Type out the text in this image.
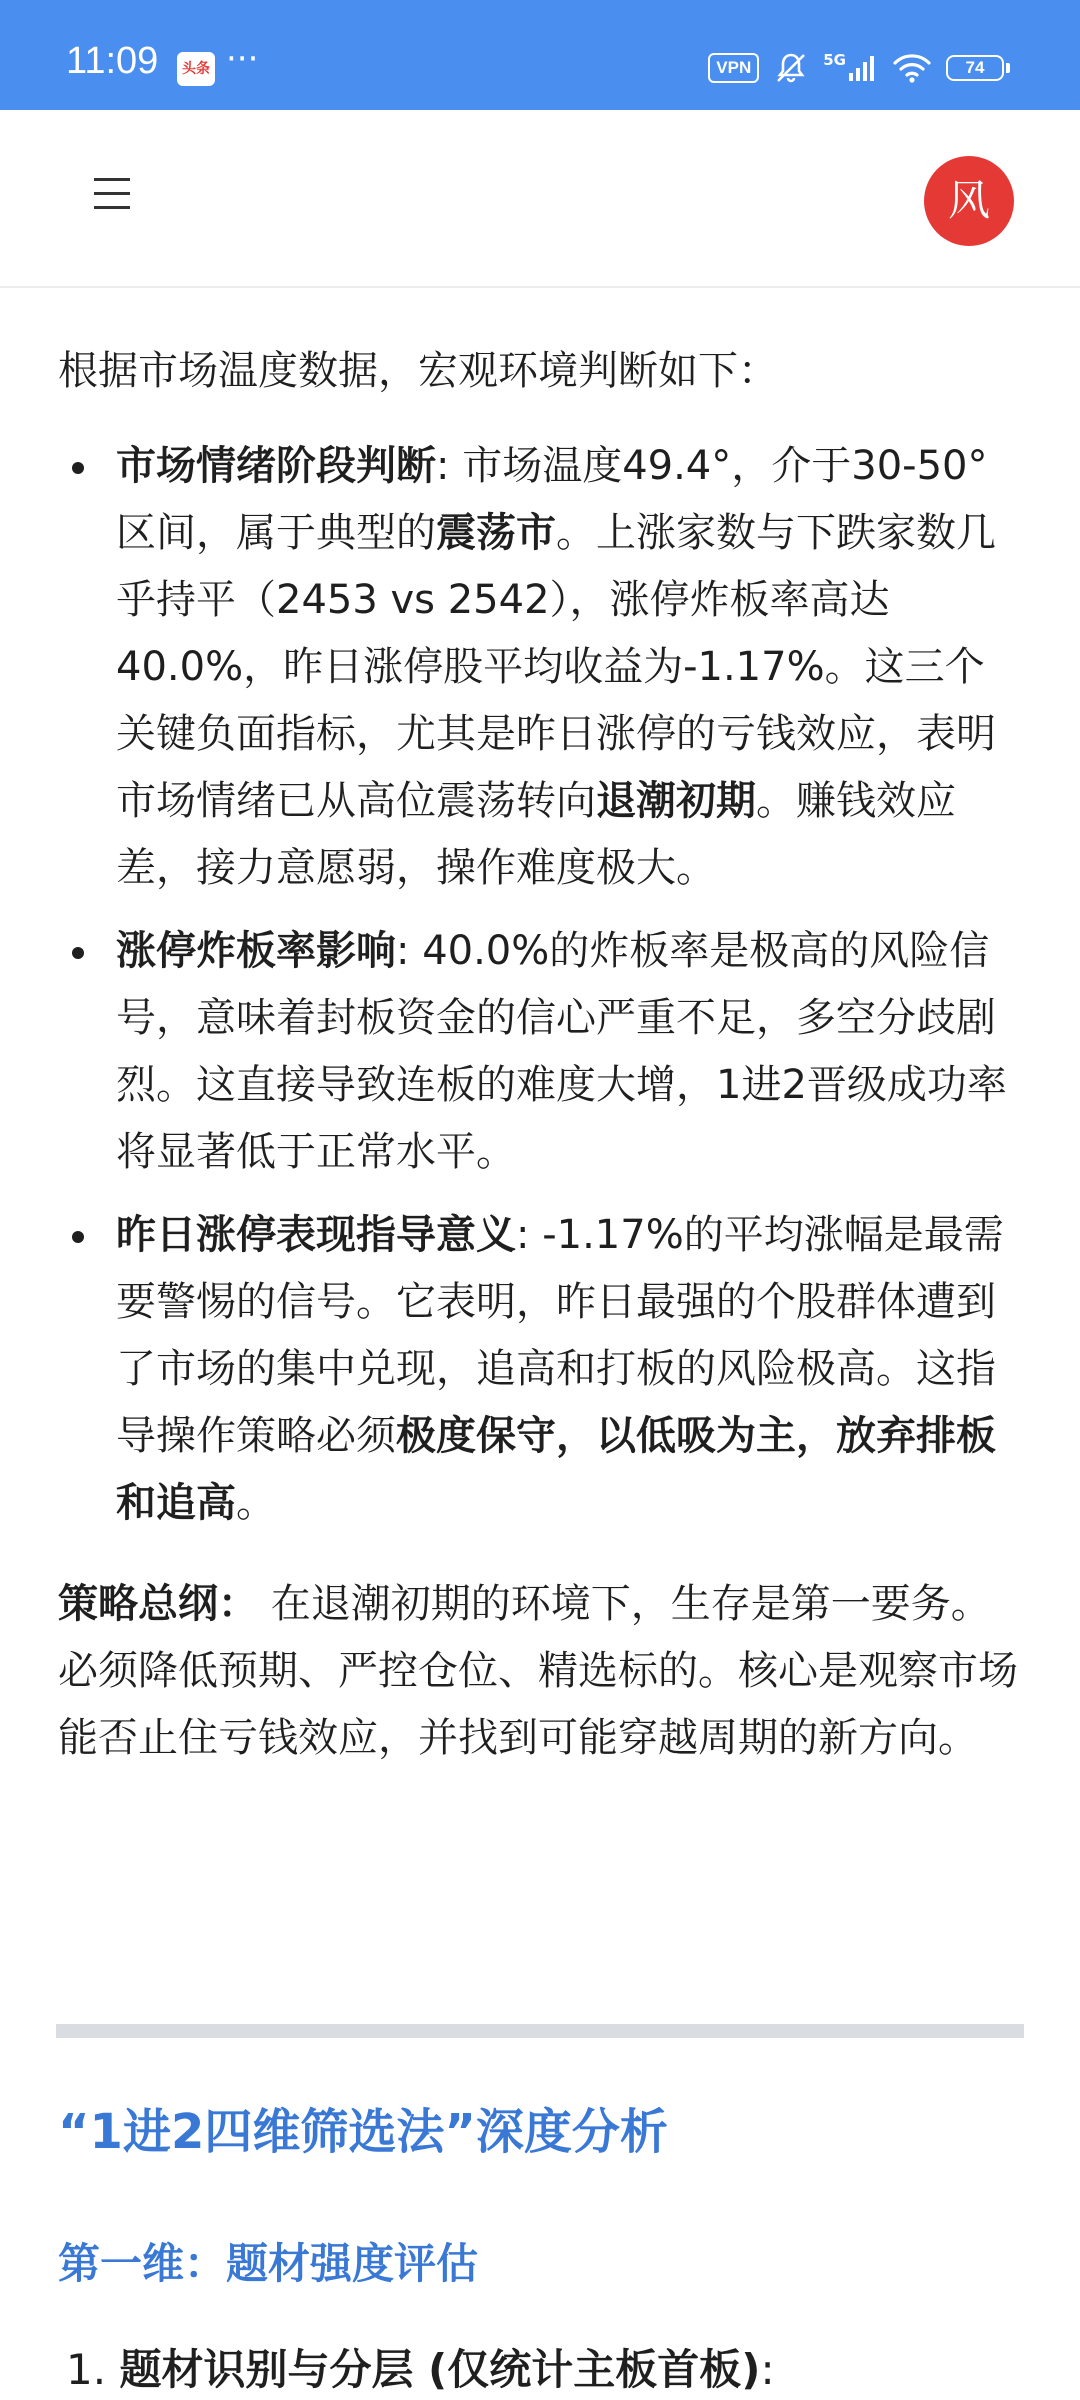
11:09	头条 ···	VPN	5G	74
风

根据市场温度数据，宏观环境判断如下：

市场情绪阶段判断: 市场温度49.4°，介于30-50°区间，属于典型的震荡市。上涨家数与下跌家数几乎持平（2453 vs 2542），涨停炸板率高达40.0%，昨日涨停股平均收益为-1.17%。这三个关键负面指标，尤其是昨日涨停的亏钱效应，表明市场情绪已从高位震荡转向退潮初期。赚钱效应差，接力意愿弱，操作难度极大。
涨停炸板率影响: 40.0%的炸板率是极高的风险信号，意味着封板资金的信心严重不足，多空分歧剧烈。这直接导致连板的难度大增，1进2晋级成功率将显著低于正常水平。
昨日涨停表现指导意义: -1.17%的平均涨幅是最需要警惕的信号。它表明，昨日最强的个股群体遭到了市场的集中兑现，追高和打板的风险极高。这指导操作策略必须极度保守，以低吸为主，放弃排板和追高。

策略总纲： 在退潮初期的环境下，生存是第一要务。必须降低预期、严控仓位、精选标的。核心是观察市场能否止住亏钱效应，并找到可能穿越周期的新方向。

“1进2四维筛选法”深度分析
第一维：题材强度评估
1. 题材识别与分层 (仅统计主板首板):
